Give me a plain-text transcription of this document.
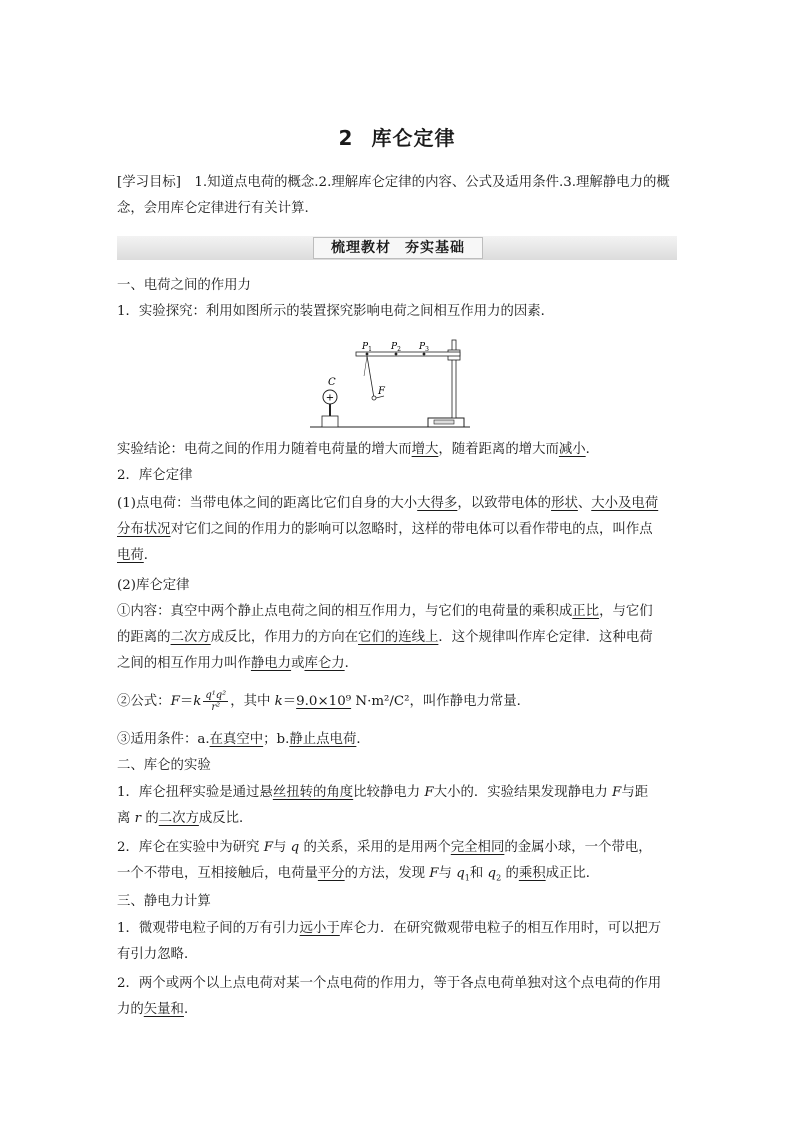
2 库仑定律
[学习目标]　1.知道点电荷的概念.2.理解库仑定律的内容、公式及适用条件.3.理解静电力的概
念，会用库仑定律进行有关计算.
梳理教材 夯实基础
一、电荷之间的作用力
1．实验探究：利用如图所示的装置探究影响电荷之间相互作用力的因素．
+
C
F
$P_1$ $P_2$ $P_3$
实验结论：电荷之间的作用力随着电荷量的增大而增大，随着距离的增大而减小．
2．库仑定律
(1)点电荷：当带电体之间的距离比它们自身的大小大得多，以致带电体的形状、大小及电荷
分布状况对它们之间的作用力的影响可以忽略时，这样的带电体可以看作带电的点，叫作点
电荷．
(2)库仑定律
①内容：真空中两个静止点电荷之间的相互作用力，与它们的电荷量的乘积成正比，与它们
的距离的二次方成反比，作用力的方向在它们的连线上．这个规律叫作库仑定律．这种电荷
之间的相互作用力叫作静电力或库仑力．
②公式：$F=k \frac{\text{q¹q²}}{\text{r²}}$ ，其中 k＝9.0×10⁹ N·m²/C²，叫作静电力常量．
③适用条件：a.在真空中；b.静止点电荷．
二、库仑的实验
1．库仑扭秤实验是通过悬丝扭转的角度比较静电力 F大小的．实验结果发现静电力 F与距
离 r 的二次方成反比．
2．库仑在实验中为研究 F与 q 的关系，采用的是用两个完全相同的金属小球，一个带电，
一个不带电，互相接触后，电荷量平分的方法，发现 F与 $q_1$和 $q_2$ 的乘积成正比．
三、静电力计算
1．微观带电粒子间的万有引力远小于库仑力．在研究微观带电粒子的相互作用时，可以把万
有引力忽略．
2．两个或两个以上点电荷对某一个点电荷的作用力，等于各点电荷单独对这个点电荷的作用
力的矢量和．
